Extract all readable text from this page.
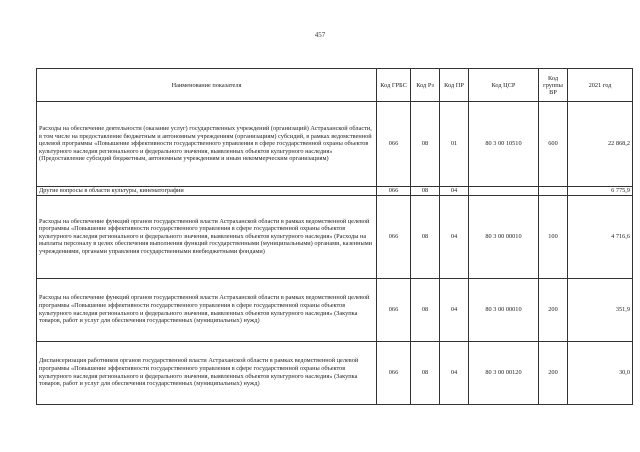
457
Наименование показателя	Код ГРБС	Код Рз	Код ПР	Код ЦСР	Код группы ВР	2021 год
Расходы на обеспечение деятельности (оказание услуг) государственных учреждений (организаций) Астраханской области, в том числе на предоставление бюджетным и автономным учреждениям (организациям) субсидий, в рамках ведомственной целевой программы «Повышение эффективности государственного управления в сфере государственной охраны объектов культурного наследия регионального и федерального значения, выявленных объектов культурного наследия» (Предоставление субсидий бюджетным, автономным учреждениям и иным некоммерческим организациям)	066	08	01	80 3 00 10510	600	22 868,2
Другие вопросы в области культуры, кинематографии	066	08	04			6 775,9
Расходы на обеспечение функций органов государственной власти Астраханской области в рамках ведомственной целевой программы «Повышение эффективности государственного управления в сфере государственной охраны объектов культурного наследия регионального и федерального значения, выявленных объектов культурного наследия» (Расходы на выплаты персоналу в целях обеспечения выполнения функций государственными (муниципальными) органами, казенными учреждениями, органами управления государственными внебюджетными фондами)	066	08	04	80 3 00 00010	100	4 716,6
Расходы на обеспечение функций органов государственной власти Астраханской области в рамках ведомственной целевой программы «Повышение эффективности государственного управления в сфере государственной охраны объектов культурного наследия регионального и федерального значения, выявленных объектов культурного наследия» (Закупка товаров, работ и услуг для обеспечения государственных (муниципальных) нужд)	066	08	04	80 3 00 00010	200	351,9
Диспансеризация работников органов государственной власти Астраханской области в рамках ведомственной целевой программы «Повышение эффективности государственного управления в сфере государственной охраны объектов культурного наследия регионального и федерального значения, выявленных объектов культурного наследия» (Закупка товаров, работ и услуг для обеспечения государственных (муниципальных) нужд)	066	08	04	80 3 00 00120	200	30,0
